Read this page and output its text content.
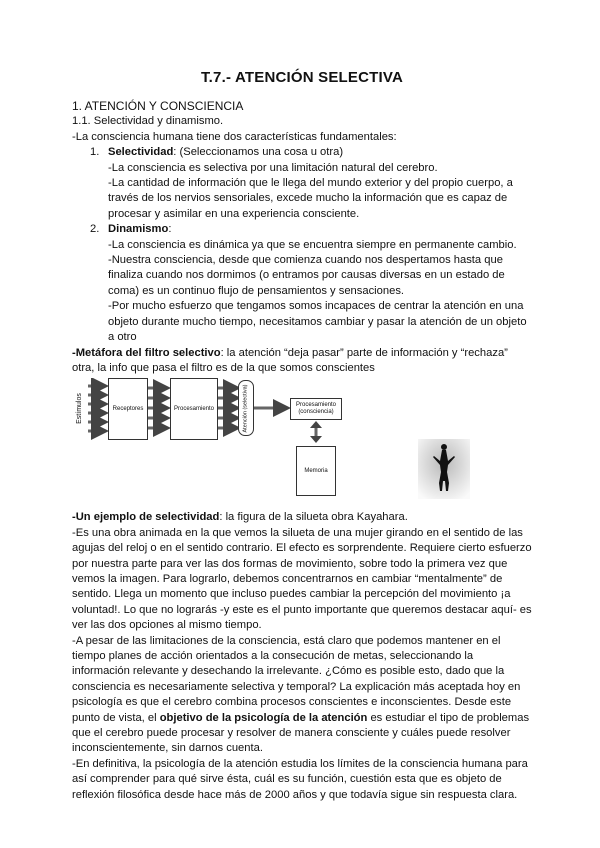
T.7.- ATENCIÓN SELECTIVA

1. ATENCIÓN Y CONSCIENCIA

1.1. Selectividad y dinamismo.

-La consciencia humana tiene dos características fundamentales:

1. Selectividad: (Seleccionamos una cosa u otra)

-La consciencia es selectiva por una limitación natural del cerebro.

-La cantidad de información que le llega del mundo exterior y del propio cuerpo, a través de los nervios sensoriales, excede mucho la información que es capaz de procesar y asimilar en una experiencia consciente.

2. Dinamismo:

-La consciencia es dinámica ya que se encuentra siempre en permanente cambio.

-Nuestra consciencia, desde que comienza cuando nos despertamos hasta que finaliza cuando nos dormimos (o entramos por causas diversas en un estado de coma) es un continuo flujo de pensamientos y sensaciones.

-Por mucho esfuerzo que tengamos somos incapaces de centrar la atención en una objeto durante mucho tiempo, necesitamos cambiar y pasar la atención de un objeto a otro

-Metáfora del filtro selectivo: la atención “deja pasar” parte de información y “rechaza” otra, la info que pasa el filtro es de la que somos conscientes

Estímulos	Receptores	Procesamiento	Atención (selectiva)	Procesamiento (consciencia)
Memoria

-Un ejemplo de selectividad: la figura de la silueta obra Kayahara.

-Es una obra animada en la que vemos la silueta de una mujer girando en el sentido de las agujas del reloj o en el sentido contrario. El efecto es sorprendente. Requiere cierto esfuerzo por nuestra parte para ver las dos formas de movimiento, sobre todo la primera vez que vemos la imagen. Para lograrlo, debemos concentrarnos en cambiar “mentalmente” de sentido. Llega un momento que incluso puedes cambiar la percepción del movimiento ¡a voluntad!. Lo que no lograrás -y este es el punto importante que queremos destacar aquí- es ver las dos opciones al mismo tiempo.

-A pesar de las limitaciones de la consciencia, está claro que podemos mantener en el tiempo planes de acción orientados a la consecución de metas, seleccionando la información relevante y desechando la irrelevante. ¿Cómo es posible esto, dado que la consciencia es necesariamente selectiva y temporal? La explicación más aceptada hoy en psicología es que el cerebro combina procesos conscientes e inconscientes. Desde este punto de vista, el objetivo de la psicología de la atención es estudiar el tipo de problemas que el cerebro puede procesar y resolver de manera consciente y cuáles puede resolver inconscientemente, sin darnos cuenta.

-En definitiva, la psicología de la atención estudia los límites de la consciencia humana para así comprender para qué sirve ésta, cuál es su función, cuestión esta que es objeto de reflexión filosófica desde hace más de 2000 años y que todavía sigue sin respuesta clara.
